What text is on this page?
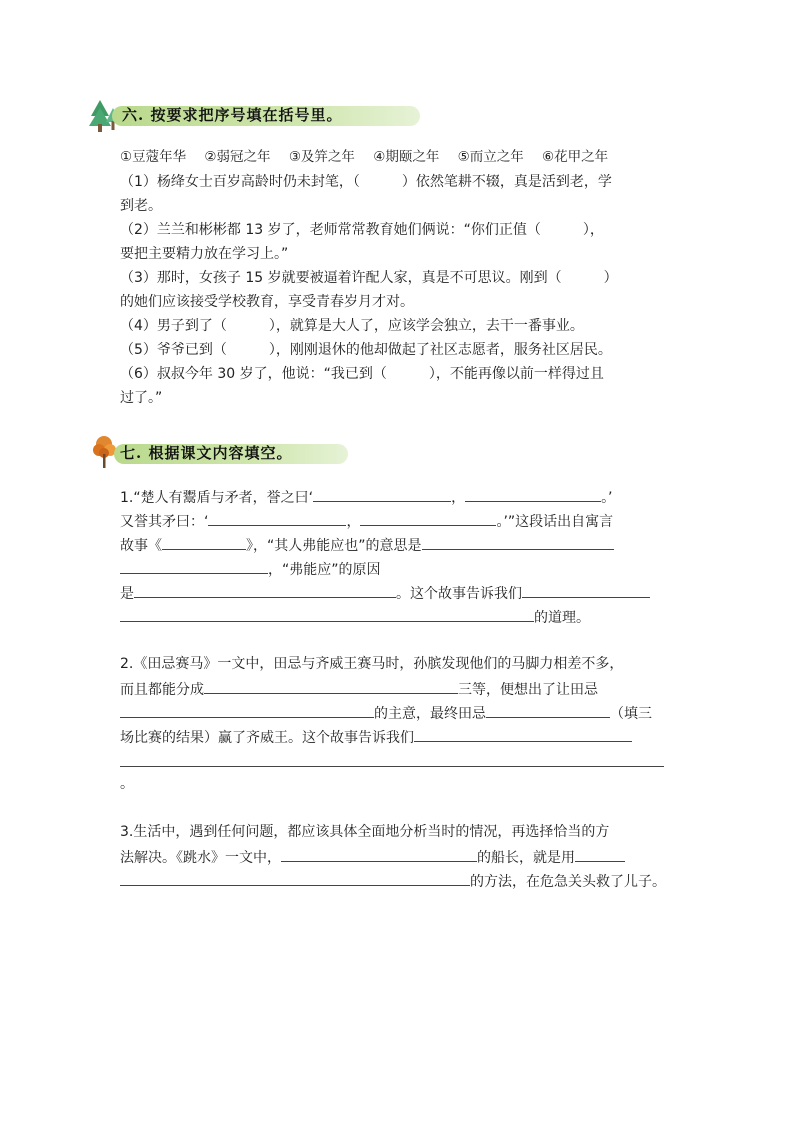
六. 按要求把序号填在括号里。
①豆蔻年华 ②弱冠之年 ③及笄之年 ④期颐之年 ⑤而立之年 ⑥花甲之年
（1）杨绛女士百岁高龄时仍未封笔，（　　　）依然笔耕不辍，真是活到老，学
到老。
（2）兰兰和彬彬都 13 岁了，老师常常教育她们俩说：“你们正值（　　　），
要把主要精力放在学习上。”
（3）那时，女孩子 15 岁就要被逼着许配人家，真是不可思议。刚到（　　　）
的她们应该接受学校教育，享受青春岁月才对。
（4）男子到了（　　　），就算是大人了，应该学会独立，去干一番事业。
（5）爷爷已到（　　　），刚刚退休的他却做起了社区志愿者，服务社区居民。
（6）叔叔今年 30 岁了，他说：“我已到（　　　），不能再像以前一样得过且
过了。”
七. 根据课文内容填空。
1.“楚人有鬻盾与矛者，誉之曰‘	，	。’
又誉其矛曰：‘	，	。’”这段话出自寓言
故事《	》，“其人弗能应也”的意思是
，“弗能应”的原因
是	。这个故事告诉我们
的道理。
2.《田忌赛马》一文中，田忌与齐威王赛马时，孙膑发现他们的马脚力相差不多，
而且都能分成	三等，便想出了让田忌
的主意，最终田忌	（填三
场比赛的结果）赢了齐威王。这个故事告诉我们
。
3.生活中，遇到任何问题，都应该具体全面地分析当时的情况，再选择恰当的方
法解决。《跳水》一文中，	的船长，就是用
的方法，在危急关头救了儿子。
